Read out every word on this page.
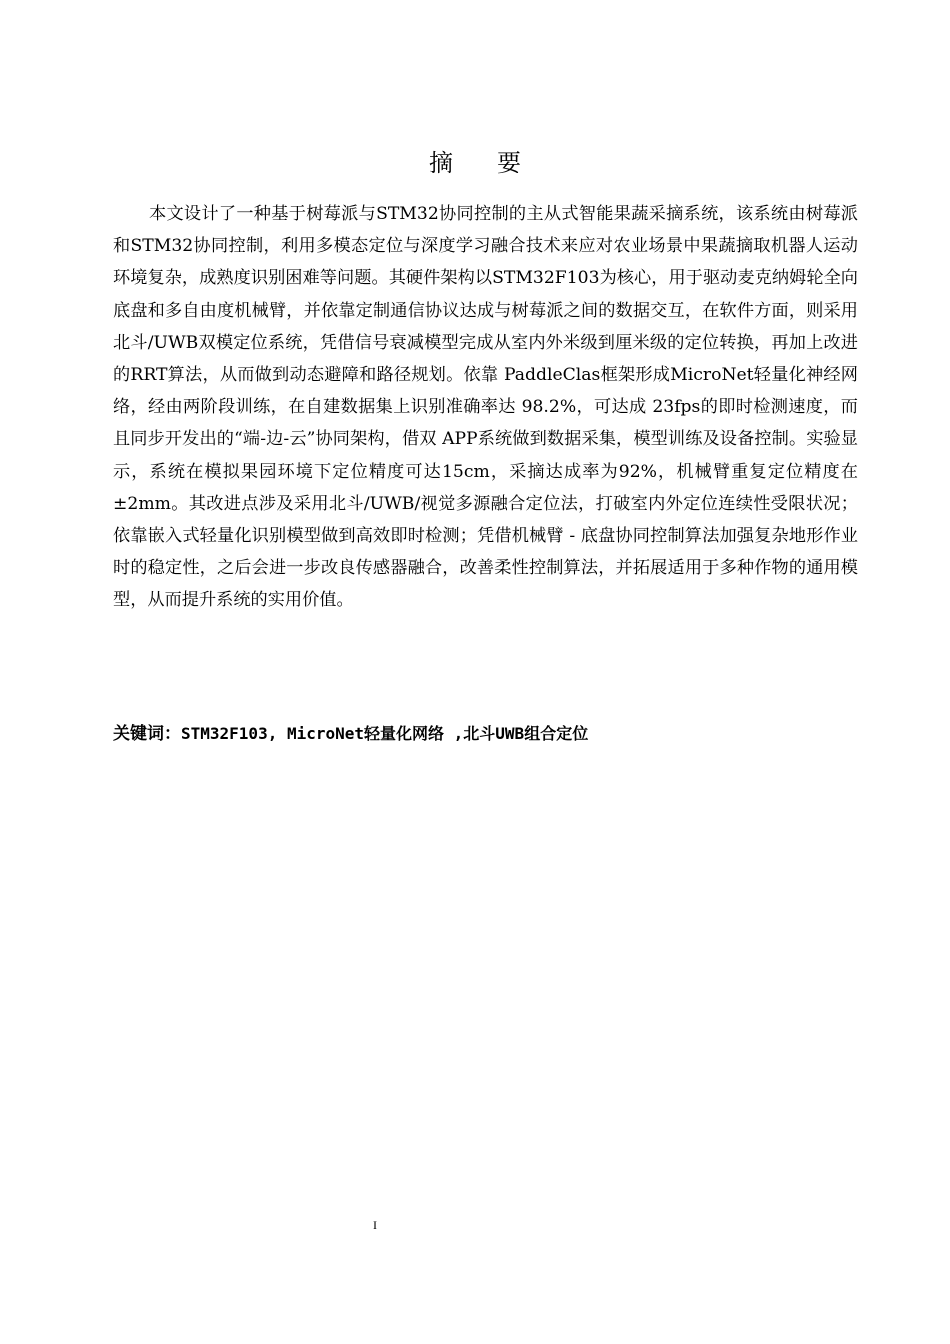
摘要

本文设计了一种基于树莓派与STM32协同控制的主从式智能果蔬采摘系统，该系统由树莓派和STM32协同控制，利用多模态定位与深度学习融合技术来应对农业场景中果蔬摘取机器人运动环境复杂，成熟度识别困难等问题。其硬件架构以STM32F103为核心，用于驱动麦克纳姆轮全向底盘和多自由度机械臂，并依靠定制通信协议达成与树莓派之间的数据交互，在软件方面，则采用北斗/UWB双模定位系统，凭借信号衰减模型完成从室内外米级到厘米级的定位转换，再加上改进的RRT算法，从而做到动态避障和路径规划。依靠 PaddleClas框架形成MicroNet轻量化神经网络，经由两阶段训练，在自建数据集上识别准确率达 98.2%，可达成 23fps的即时检测速度，而且同步开发出的“端-边-云”协同架构，借双 APP系统做到数据采集，模型训练及设备控制。实验显示，系统在模拟果园环境下定位精度可达15cm，采摘达成率为92%，机械臂重复定位精度在±2mm。其改进点涉及采用北斗/UWB/视觉多源融合定位法，打破室内外定位连续性受限状况；依靠嵌入式轻量化识别模型做到高效即时检测；凭借机械臂 - 底盘协同控制算法加强复杂地形作业时的稳定性，之后会进一步改良传感器融合，改善柔性控制算法，并拓展适用于多种作物的通用模型，从而提升系统的实用价值。

关键词：STM32F103, MicroNet轻量化网络 ,北斗UWB组合定位
I
